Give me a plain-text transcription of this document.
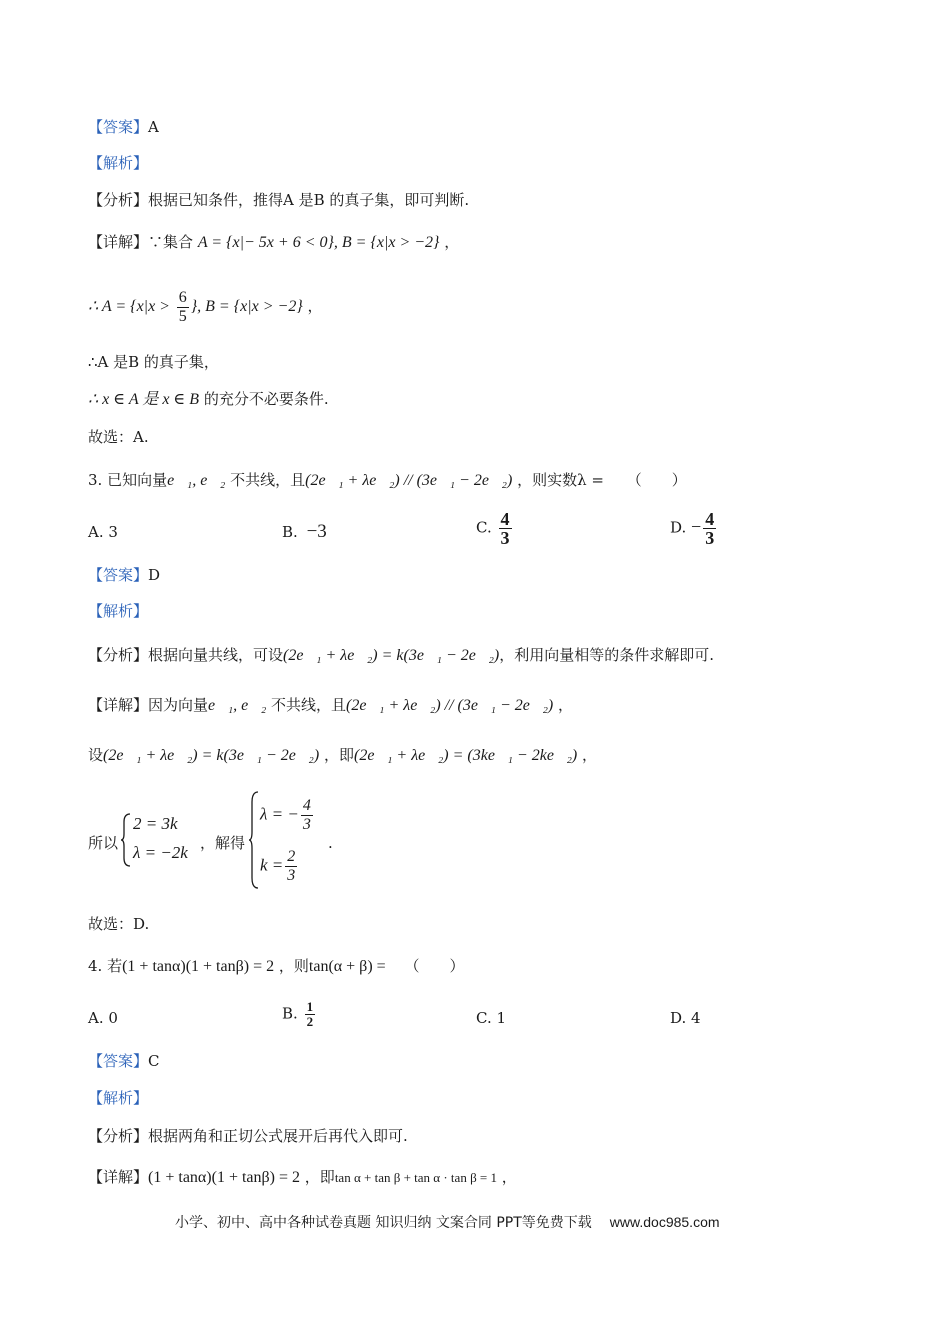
【答案】A
【解析】
【分析】根据已知条件，推得A 是B 的真子集，即可判断.
【详解】∵集合 A = {x|− 5x + 6 < 0}, B = {x|x > −2} ，
∴ $A = \{x|x > \frac{6}{5}$ }, B = {x|x > −2} ，
∴A 是B 的真子集，
∴ x ∈ A 是 x ∈ B 的充分不必要条件.
故选：A.
3. 已知向量e⃗₁, e⃗₂ 不共线，且(2e⃗₁ + λe⃗₂) // (3e⃗₁ − 2e⃗₂) ，则实数λ = （　　）
A. 3	B. −3	C. $\frac{4}{3}$	D. − $\frac{4}{3}$
【答案】D
【解析】
【分析】根据向量共线，可设(2e⃗₁ + λe⃗₂) = k(3e⃗₁ − 2e⃗₂)，利用向量相等的条件求解即可.
【详解】因为向量e⃗₁, e⃗₂ 不共线，且(2e⃗₁ + λe⃗₂) // (3e⃗₁ − 2e⃗₂) ，
设(2e⃗₁ + λe⃗₂) = k(3e⃗₁ − 2e⃗₂) ，即(2e⃗₁ + λe⃗₂) = (3ke⃗₁ − 2ke⃗₂) ，
所以
2 = 3k
λ = −2k ，解得
λ = − $\frac{4}{3}$
$k = \frac{2}{3}$
.
故选：D.
4. 若(1 + tanα)(1 + tanβ) = 2 ，则tan(α + β) = （　　）
A. 0	B. $\frac{1}{2}$	C. 1	D. 4
【答案】C
【解析】
【分析】根据两角和正切公式展开后再代入即可.
【详解】(1 + tanα)(1 + tanβ) = 2 ，即tan α + tan β + tan α · tan β = 1 ，
小学、初中、高中各种试卷真题 知识归纳 文案合同 PPT等免费下载 www.doc985.com
